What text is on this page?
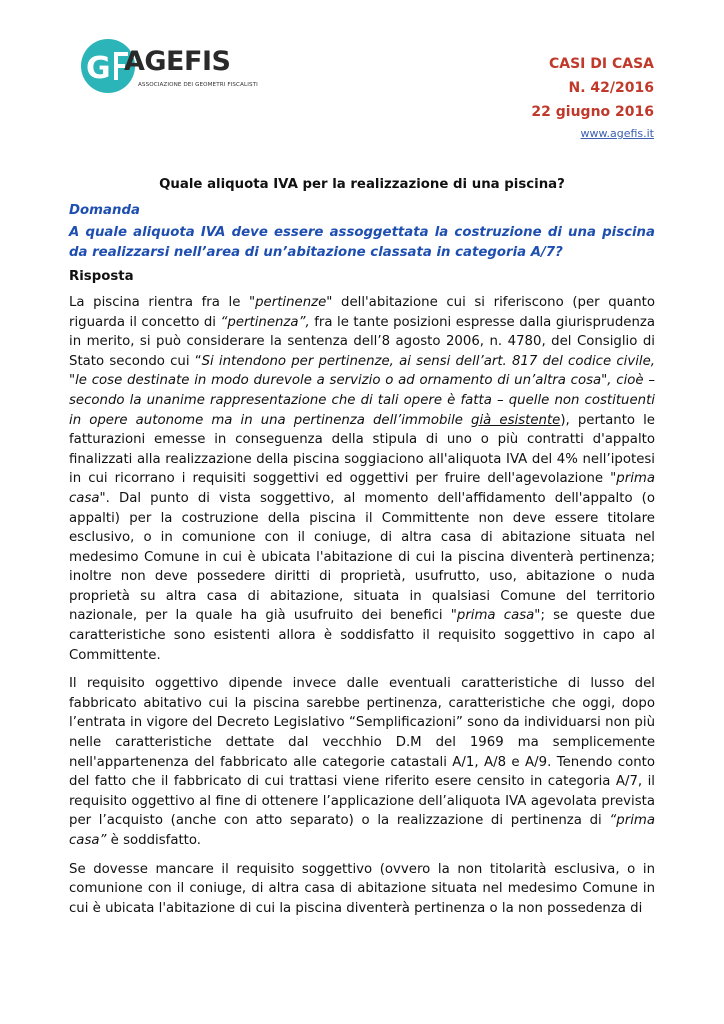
G AGEFIS
ASSOCIAZIONE DEI GEOMETRI FISCALISTI
CASI DI CASA
N. 42/2016
22 giugno 2016
www.agefis.it
Quale aliquota IVA per la realizzazione di una piscina?
Domanda
A quale aliquota IVA deve essere assoggettata la costruzione di una piscina da realizzarsi nell’area di un’abitazione classata in categoria A/7?
Risposta

La piscina rientra fra le "pertinenze" dell'abitazione cui si riferiscono (per quanto riguarda il concetto di “pertinenza”, fra le tante posizioni espresse dalla giurisprudenza in merito, si può considerare la sentenza dell’8 agosto 2006, n. 4780, del Consiglio di Stato secondo cui “Si intendono per pertinenze, ai sensi dell’art. 817 del codice civile, "le cose destinate in modo durevole a servizio o ad ornamento di un’altra cosa", cioè – secondo la unanime rappresentazione che di tali opere è fatta – quelle non costituenti in opere autonome ma in una pertinenza dell’immobile già esistente), pertanto le fatturazioni emesse in conseguenza della stipula di uno o più contratti d'appalto finalizzati alla realizzazione della piscina soggiaciono all'aliquota IVA del 4% nell’ipotesi in cui ricorrano i requisiti soggettivi ed oggettivi per fruire dell'agevolazione "prima casa". Dal punto di vista soggettivo, al momento dell'affidamento dell'appalto (o appalti) per la costruzione della piscina il Committente non deve essere titolare esclusivo, o in comunione con il coniuge, di altra casa di abitazione situata nel medesimo Comune in cui è ubicata l'abitazione di cui la piscina diventerà pertinenza; inoltre non deve possedere diritti di proprietà, usufrutto, uso, abitazione o nuda proprietà su altra casa di abitazione, situata in qualsiasi Comune del territorio nazionale, per la quale ha già usufruito dei benefici "prima casa"; se queste due caratteristiche sono esistenti allora è soddisfatto il requisito soggettivo in capo al Committente.

Il requisito oggettivo dipende invece dalle eventuali caratteristiche di lusso del fabbricato abitativo cui la piscina sarebbe pertinenza, caratteristiche che oggi, dopo l’entrata in vigore del Decreto Legislativo “Semplificazioni” sono da individuarsi non più nelle caratteristiche dettate dal vecchhio D.M del 1969 ma semplicemente nell'appartenenza del fabbricato alle categorie catastali A/1, A/8 e A/9. Tenendo conto del fatto che il fabbricato di cui trattasi viene riferito esere censito in categoria A/7, il requisito oggettivo al fine di ottenere l’applicazione dell’aliquota IVA agevolata prevista per l’acquisto (anche con atto separato) o la realizzazione di pertinenza di “prima casa” è soddisfatto.

Se dovesse mancare il requisito soggettivo (ovvero la non titolarità esclusiva, o in comunione con il coniuge, di altra casa di abitazione situata nel medesimo Comune in cui è ubicata l'abitazione di cui la piscina diventerà pertinenza o la non possedenza di
